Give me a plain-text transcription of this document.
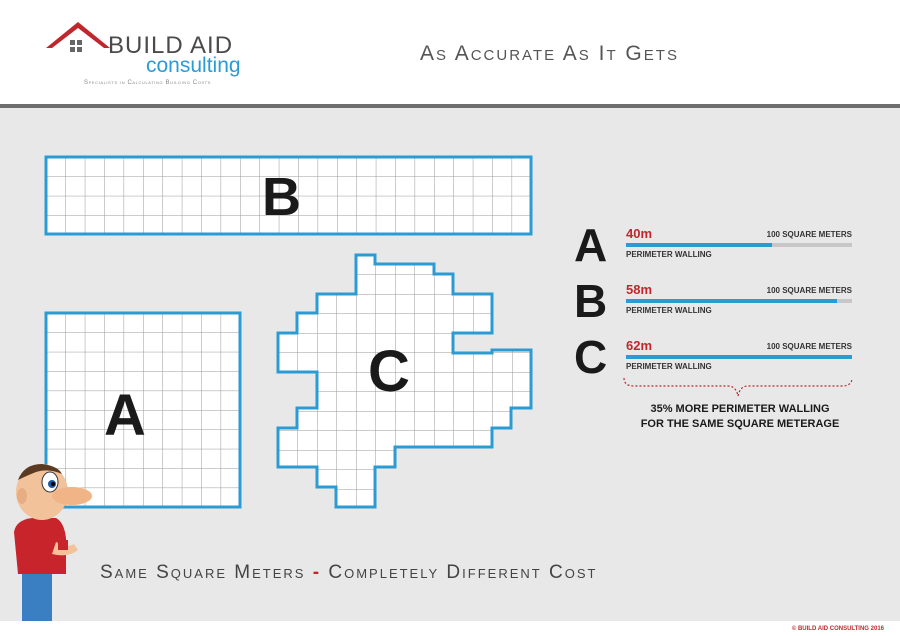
BUILD AID
consulting
Specialists in Calculating Building Costs
As Accurate As It Gets
B
A
C
A 40m	100 SQUARE METERS
PERIMETER WALLING
B 58m	100 SQUARE METERS
PERIMETER WALLING
C 62m	100 SQUARE METERS
PERIMETER WALLING
35% MORE PERIMETER WALLING
FOR THE SAME SQUARE METERAGE
Same Square Meters - Completely Different Cost
© BUILD AID CONSULTING 2016
